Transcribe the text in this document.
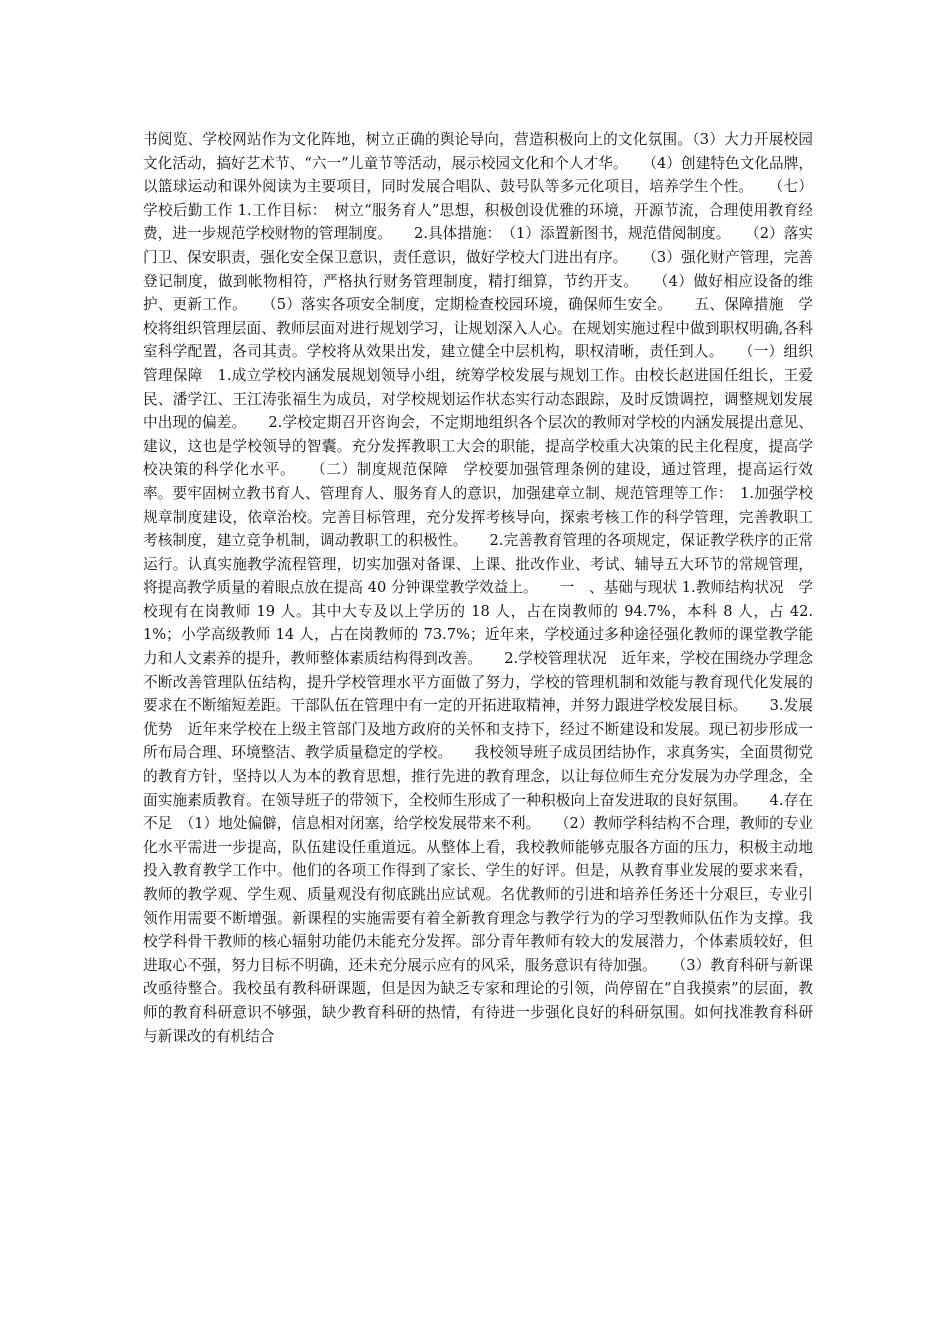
书阅览、学校网站作为文化阵地，树立正确的舆论导向，营造积极向上的文化氛围。（3）大力开展校园文化活动，搞好艺术节、“六一”儿童节等活动，展示校园文化和个人才华。　　（4）创建特色文化品牌，以篮球运动和课外阅读为主要项目，同时发展合唱队、鼓号队等多元化项目，培养学生个性。　　（七）学校后勤工作 1.工作目标：　树立“服务育人”思想，积极创设优雅的环境，开源节流，合理使用教育经费，进一步规范学校财物的管理制度。　　2.具体措施：　（1）添置新图书，规范借阅制度。　　（2）落实门卫、保安职责，强化安全保卫意识，责任意识，做好学校大门进出有序。　　（3）强化财产管理，完善登记制度，做到帐物相符，严格执行财务管理制度，精打细算，节约开支。　　（4）做好相应设备的维护、更新工作。　　（5）落实各项安全制度，定期检查校园环境，确保师生安全。　　五、保障措施　学校将组织管理层面、教师层面对进行规划学习，让规划深入人心。在规划实施过程中做到职权明确,各科室科学配置，各司其责。学校将从效果出发，建立健全中层机构，职权清晰，责任到人。　　（一）组织管理保障　1.成立学校内涵发展规划领导小组，统筹学校发展与规划工作。由校长赵进国任组长，王爱民、潘学江、王江涛张福生为成员，对学校规划运作状态实行动态跟踪，及时反馈调控，调整规划发展中出现的偏差。　　2.学校定期召开咨询会，不定期地组织各个层次的教师对学校的内涵发展提出意见、建议，这也是学校领导的智囊。充分发挥教职工大会的职能，提高学校重大决策的民主化程度，提高学校决策的科学化水平。　　（二）制度规范保障　学校要加强管理条例的建设，通过管理，提高运行效率。要牢固树立教书育人、管理育人、服务育人的意识，加强建章立制、规范管理等工作：　1.加强学校规章制度建设，依章治校。完善目标管理，充分发挥考核导向，探索考核工作的科学管理，完善教职工考核制度，建立竞争机制，调动教职工的积极性。　　2.完善教育管理的各项规定，保证教学秩序的正常运行。认真实施教学流程管理，切实加强对备课、上课、批改作业、考试、辅导五大环节的常规管理，将提高教学质量的着眼点放在提高 40 分钟课堂教学效益上。　　一　、基础与现状 1.教师结构状况　学校现有在岗教师 19 人。其中大专及以上学历的 18 人，占在岗教师的 94.7%，本科 8 人，占 42.1%；小学高级教师 14 人，占在岗教师的 73.7%；近年来，学校通过多种途径强化教师的课堂教学能力和人文素养的提升，教师整体素质结构得到改善。　　2.学校管理状况　近年来，学校在围绕办学理念不断改善管理队伍结构，提升学校管理水平方面做了努力，学校的管理机制和效能与教育现代化发展的要求在不断缩短差距。干部队伍在管理中有一定的开拓进取精神，并努力跟进学校发展目标。　　3.发展优势　近年来学校在上级主管部门及地方政府的关怀和支持下，经过不断建设和发展。现已初步形成一所布局合理、环境整洁、教学质量稳定的学校。　　我校领导班子成员团结协作，求真务实，全面贯彻党的教育方针，坚持以人为本的教育思想，推行先进的教育理念，以让每位师生充分发展为办学理念，全面实施素质教育。在领导班子的带领下，全校师生形成了一种积极向上奋发进取的良好氛围。　　4.存在不足　（1）地处偏僻，信息相对闭塞，给学校发展带来不利。　　（2）教师学科结构不合理，教师的专业化水平需进一步提高，队伍建设任重道远。从整体上看，我校教师能够克服各方面的压力，积极主动地投入教育教学工作中。他们的各项工作得到了家长、学生的好评。但是，从教育事业发展的要求来看，教师的教学观、学生观、质量观没有彻底跳出应试观。名优教师的引进和培养任务还十分艰巨，专业引领作用需要不断增强。新课程的实施需要有着全新教育理念与教学行为的学习型教师队伍作为支撑。我校学科骨干教师的核心辐射功能仍未能充分发挥。部分青年教师有较大的发展潜力，个体素质较好，但进取心不强，努力目标不明确，还未充分展示应有的风采，服务意识有待加强。　　（3）教育科研与新课改亟待整合。我校虽有教科研课题，但是因为缺乏专家和理论的引领，尚停留在“自我摸索”的层面，教师的教育科研意识不够强，缺少教育科研的热情，有待进一步强化良好的科研氛围。如何找准教育科研与新课改的有机结合
